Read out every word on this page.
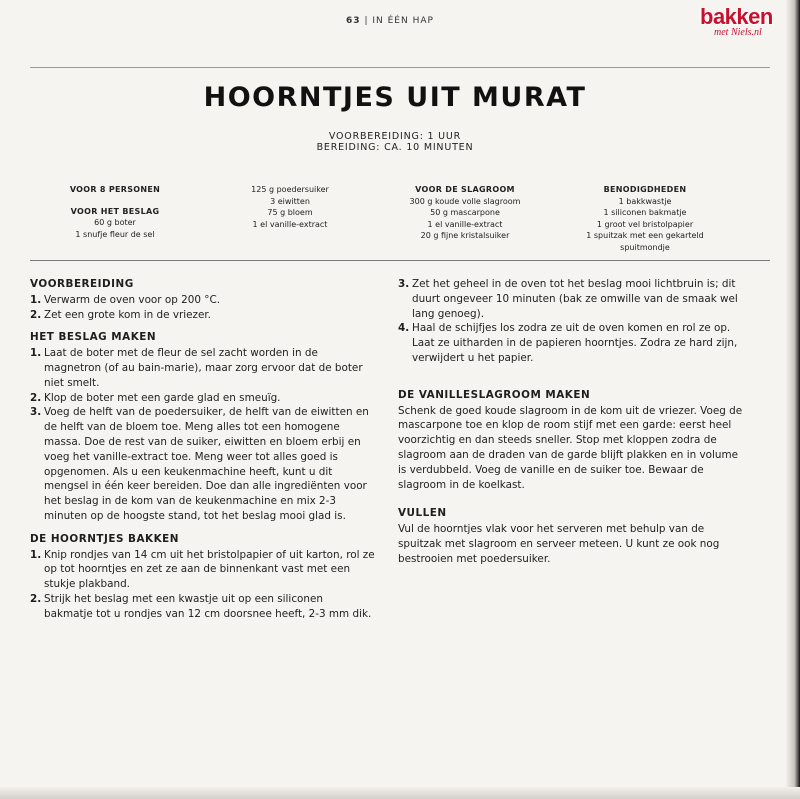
63 | IN ÉÉN HAP	bakken
met Niels.nl
HOORNTJES UIT MURAT
VOORBEREIDING: 1 UUR
BEREIDING: CA. 10 MINUTEN
VOOR 8 PERSONEN
VOOR HET BESLAG
60 g boter
1 snufje fleur de sel
125 g poedersuiker
3 eiwitten
75 g bloem
1 el vanille-extract
VOOR DE SLAGROOM
300 g koude volle slagroom
50 g mascarpone
1 el vanille-extract
20 g fijne kristalsuiker
BENODIGDHEDEN
1 bakkwastje
1 siliconen bakmatje
1 groot vel bristolpapier
1 spuitzak met een gekarteld
spuitmondje
VOORBEREIDING
1. Verwarm de oven voor op 200 °C.
2. Zet een grote kom in de vriezer.
HET BESLAG MAKEN
1. Laat de boter met de fleur de sel zacht worden in de magnetron (of au bain-marie), maar zorg ervoor dat de boter niet smelt.
2. Klop de boter met een garde glad en smeuïg.
3. Voeg de helft van de poedersuiker, de helft van de eiwitten en de helft van de bloem toe. Meng alles tot een homogene massa. Doe de rest van de suiker, eiwitten en bloem erbij en voeg het vanille-extract toe. Meng weer tot alles goed is opgenomen. Als u een keukenmachine heeft, kunt u dit mengsel in één keer bereiden. Doe dan alle ingrediënten voor het beslag in de kom van de keukenmachine en mix 2-3 minuten op de hoogste stand, tot het beslag mooi glad is.
DE HOORNTJES BAKKEN
1. Knip rondjes van 14 cm uit het bristolpapier of uit karton, rol ze op tot hoorntjes en zet ze aan de binnenkant vast met een stukje plakband.
2. Strijk het beslag met een kwastje uit op een siliconen bakmatje tot u rondjes van 12 cm doorsnee heeft, 2-3 mm dik.
3. Zet het geheel in de oven tot het beslag mooi lichtbruin is; dit duurt ongeveer 10 minuten (bak ze omwille van de smaak wel lang genoeg).
4. Haal de schijfjes los zodra ze uit de oven komen en rol ze op. Laat ze uitharden in de papieren hoorntjes. Zodra ze hard zijn, verwijdert u het papier.
DE VANILLESLAGROOM MAKEN

Schenk de goed koude slagroom in de kom uit de vriezer. Voeg de mascarpone toe en klop de room stijf met een garde: eerst heel voorzichtig en dan steeds sneller. Stop met kloppen zodra de slagroom aan de draden van de garde blijft plakken en in volume is verdubbeld. Voeg de vanille en de suiker toe. Bewaar de slagroom in de koelkast.

VULLEN

Vul de hoorntjes vlak voor het serveren met behulp van de spuitzak met slagroom en serveer meteen. U kunt ze ook nog bestrooien met poedersuiker.
